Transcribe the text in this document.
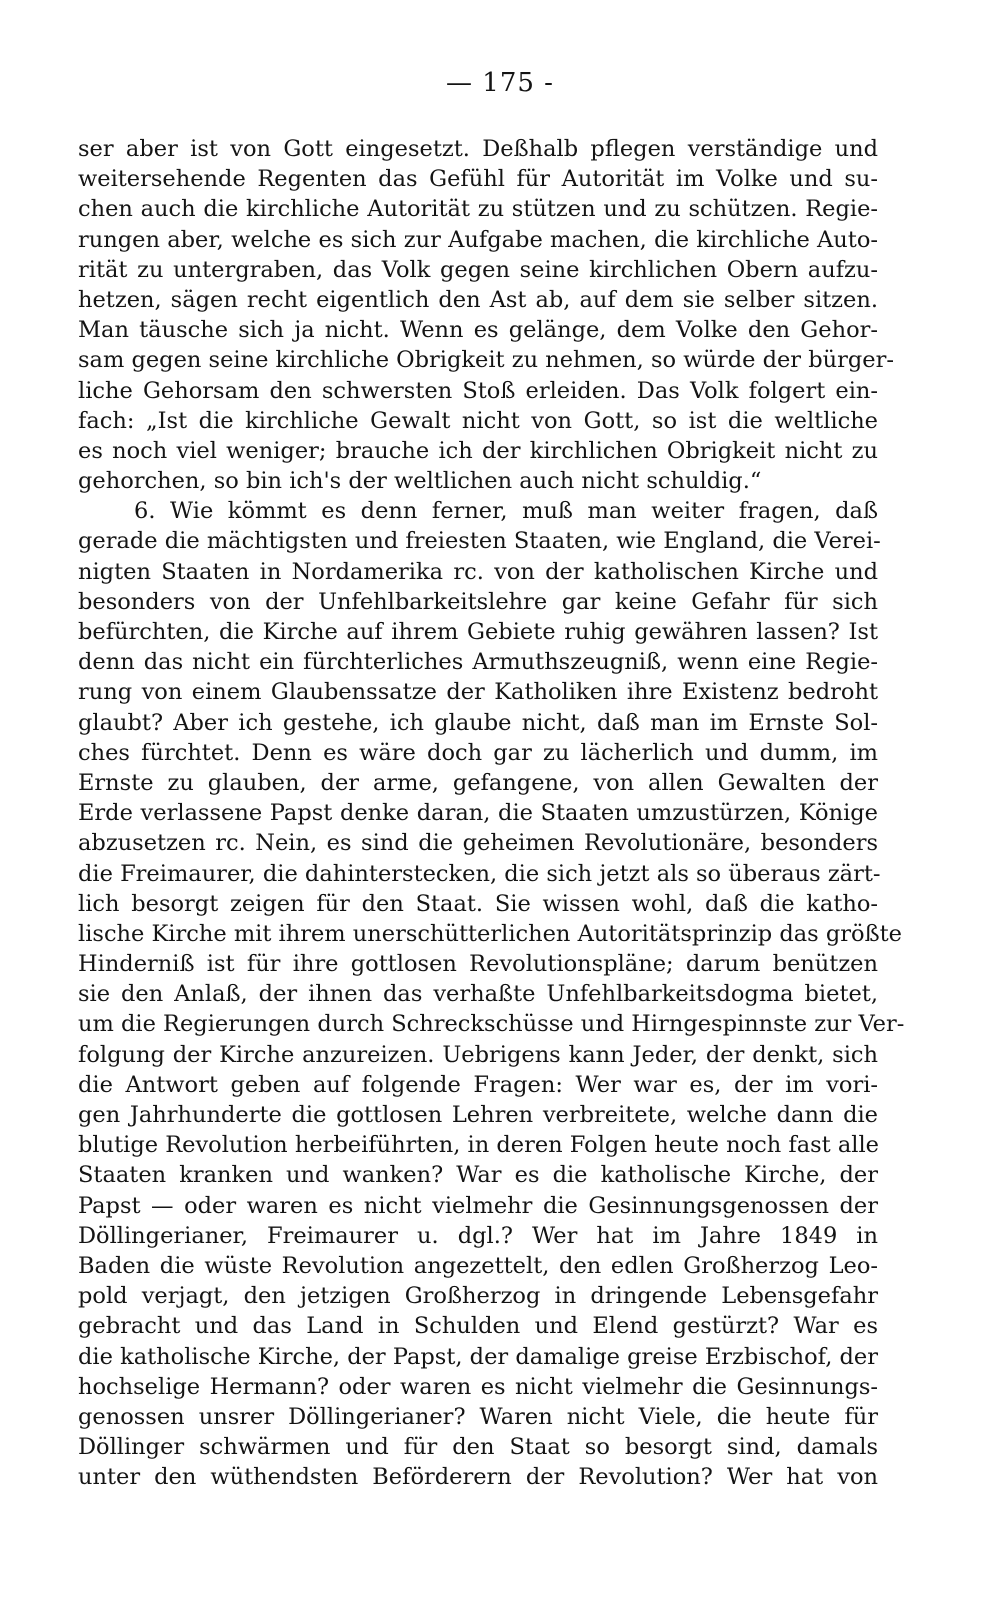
— 175 -
ser aber ist von Gott eingesetzt. Deßhalb pflegen verständige und
weitersehende Regenten das Gefühl für Autorität im Volke und su-
chen auch die kirchliche Autorität zu stützen und zu schützen. Regie-
rungen aber, welche es sich zur Aufgabe machen, die kirchliche Auto-
rität zu untergraben, das Volk gegen seine kirchlichen Obern aufzu-
hetzen, sägen recht eigentlich den Ast ab, auf dem sie selber sitzen.
Man täusche sich ja nicht. Wenn es gelänge, dem Volke den Gehor-
sam gegen seine kirchliche Obrigkeit zu nehmen, so würde der bürger-
liche Gehorsam den schwersten Stoß erleiden. Das Volk folgert ein-
fach: „Ist die kirchliche Gewalt nicht von Gott, so ist die weltliche
es noch viel weniger; brauche ich der kirchlichen Obrigkeit nicht zu
gehorchen, so bin ich's der weltlichen auch nicht schuldig.“
6. Wie kömmt es denn ferner, muß man weiter fragen, daß
gerade die mächtigsten und freiesten Staaten, wie England, die Verei-
nigten Staaten in Nordamerika rc. von der katholischen Kirche und
besonders von der Unfehlbarkeitslehre gar keine Gefahr für sich
befürchten, die Kirche auf ihrem Gebiete ruhig gewähren lassen? Ist
denn das nicht ein fürchterliches Armuthszeugniß, wenn eine Regie-
rung von einem Glaubenssatze der Katholiken ihre Existenz bedroht
glaubt? Aber ich gestehe, ich glaube nicht, daß man im Ernste Sol-
ches fürchtet. Denn es wäre doch gar zu lächerlich und dumm, im
Ernste zu glauben, der arme, gefangene, von allen Gewalten der
Erde verlassene Papst denke daran, die Staaten umzustürzen, Könige
abzusetzen rc. Nein, es sind die geheimen Revolutionäre, besonders
die Freimaurer, die dahinterstecken, die sich jetzt als so überaus zärt-
lich besorgt zeigen für den Staat. Sie wissen wohl, daß die katho-
lische Kirche mit ihrem unerschütterlichen Autoritätsprinzip das größte
Hinderniß ist für ihre gottlosen Revolutionspläne; darum benützen
sie den Anlaß, der ihnen das verhaßte Unfehlbarkeitsdogma bietet,
um die Regierungen durch Schreckschüsse und Hirngespinnste zur Ver-
folgung der Kirche anzureizen. Uebrigens kann Jeder, der denkt, sich
die Antwort geben auf folgende Fragen: Wer war es, der im vori-
gen Jahrhunderte die gottlosen Lehren verbreitete, welche dann die
blutige Revolution herbeiführten, in deren Folgen heute noch fast alle
Staaten kranken und wanken? War es die katholische Kirche, der
Papst — oder waren es nicht vielmehr die Gesinnungsgenossen der
Döllingerianer, Freimaurer u. dgl.? Wer hat im Jahre 1849 in
Baden die wüste Revolution angezettelt, den edlen Großherzog Leo-
pold verjagt, den jetzigen Großherzog in dringende Lebensgefahr
gebracht und das Land in Schulden und Elend gestürzt? War es
die katholische Kirche, der Papst, der damalige greise Erzbischof, der
hochselige Hermann? oder waren es nicht vielmehr die Gesinnungs-
genossen unsrer Döllingerianer? Waren nicht Viele, die heute für
Döllinger schwärmen und für den Staat so besorgt sind, damals
unter den wüthendsten Beförderern der Revolution? Wer hat von
